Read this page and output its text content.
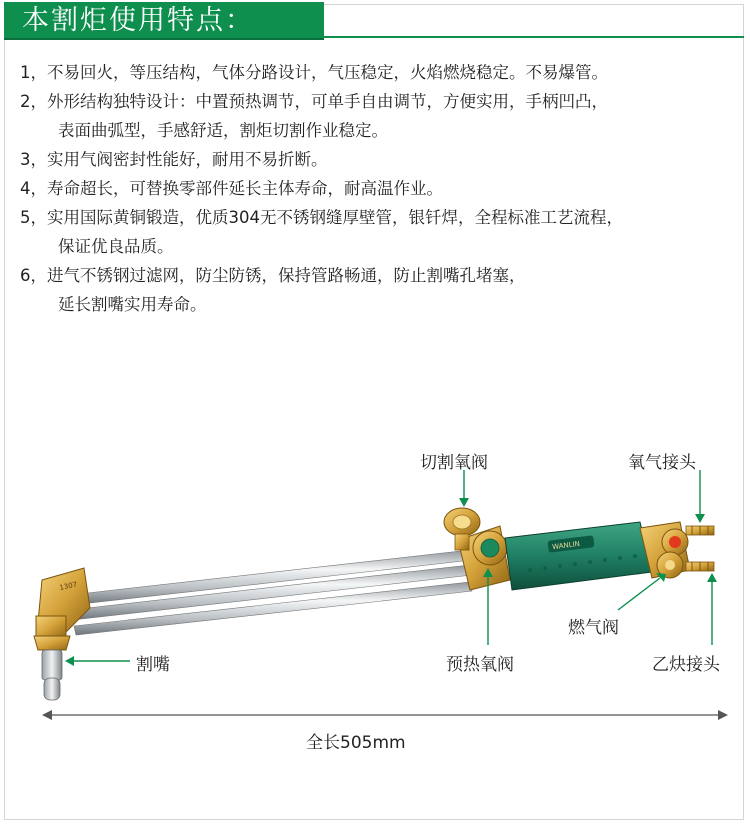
本割炬使用特点：
1，不易回火，等压结构，气体分路设计，气压稳定，火焰燃烧稳定。不易爆管。
2，外形结构独特设计：中置预热调节，可单手自由调节，方便实用，手柄凹凸，
表面曲弧型，手感舒适，割炬切割作业稳定。
3，实用气阀密封性能好，耐用不易折断。
4，寿命超长，可替换零部件延长主体寿命，耐高温作业。
5，实用国际黄铜锻造，优质304无不锈钢缝厚壁管，银钎焊，全程标准工艺流程，
保证优良品质。
6，进气不锈钢过滤网，防尘防锈，保持管路畅通，防止割嘴孔堵塞，
延长割嘴实用寿命。
1307
WANLIN
切割氧阀	氧气接头
燃气阀
割嘴	预热氧阀	乙炔接头
全长505mm
